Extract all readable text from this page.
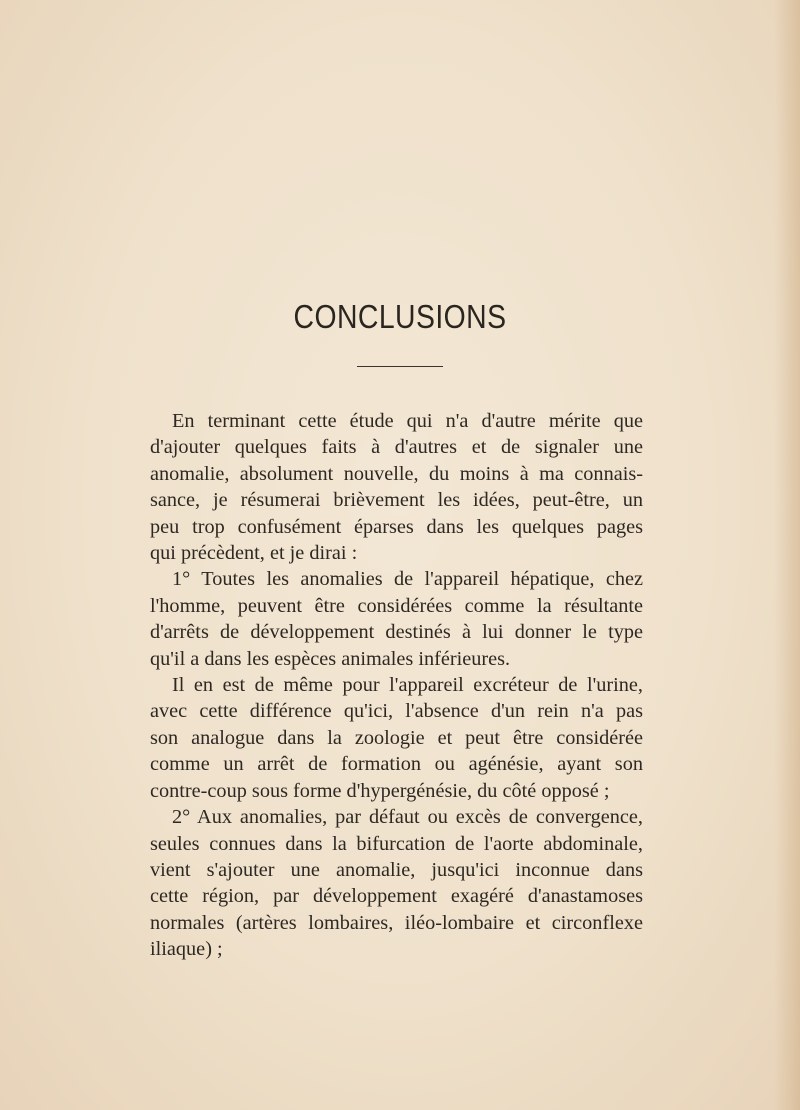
CONCLUSIONS
En terminant cette étude qui n'a d'autre mérite que
d'ajouter quelques faits à d'autres et de signaler une
anomalie, absolument nouvelle, du moins à ma connais-
sance, je résumerai brièvement les idées, peut-être, un
peu trop confusément éparses dans les quelques pages
qui précèdent, et je dirai :
1° Toutes les anomalies de l'appareil hépatique, chez
l'homme, peuvent être considérées comme la résultante
d'arrêts de développement destinés à lui donner le type
qu'il a dans les espèces animales inférieures.
Il en est de même pour l'appareil excréteur de l'urine,
avec cette différence qu'ici, l'absence d'un rein n'a pas
son analogue dans la zoologie et peut être considérée
comme un arrêt de formation ou agénésie, ayant son
contre-coup sous forme d'hypergénésie, du côté opposé ;
2° Aux anomalies, par défaut ou excès de convergence,
seules connues dans la bifurcation de l'aorte abdominale,
vient s'ajouter une anomalie, jusqu'ici inconnue dans
cette région, par développement exagéré d'anastamoses
normales (artères lombaires, iléo-lombaire et circonflexe
iliaque) ;
